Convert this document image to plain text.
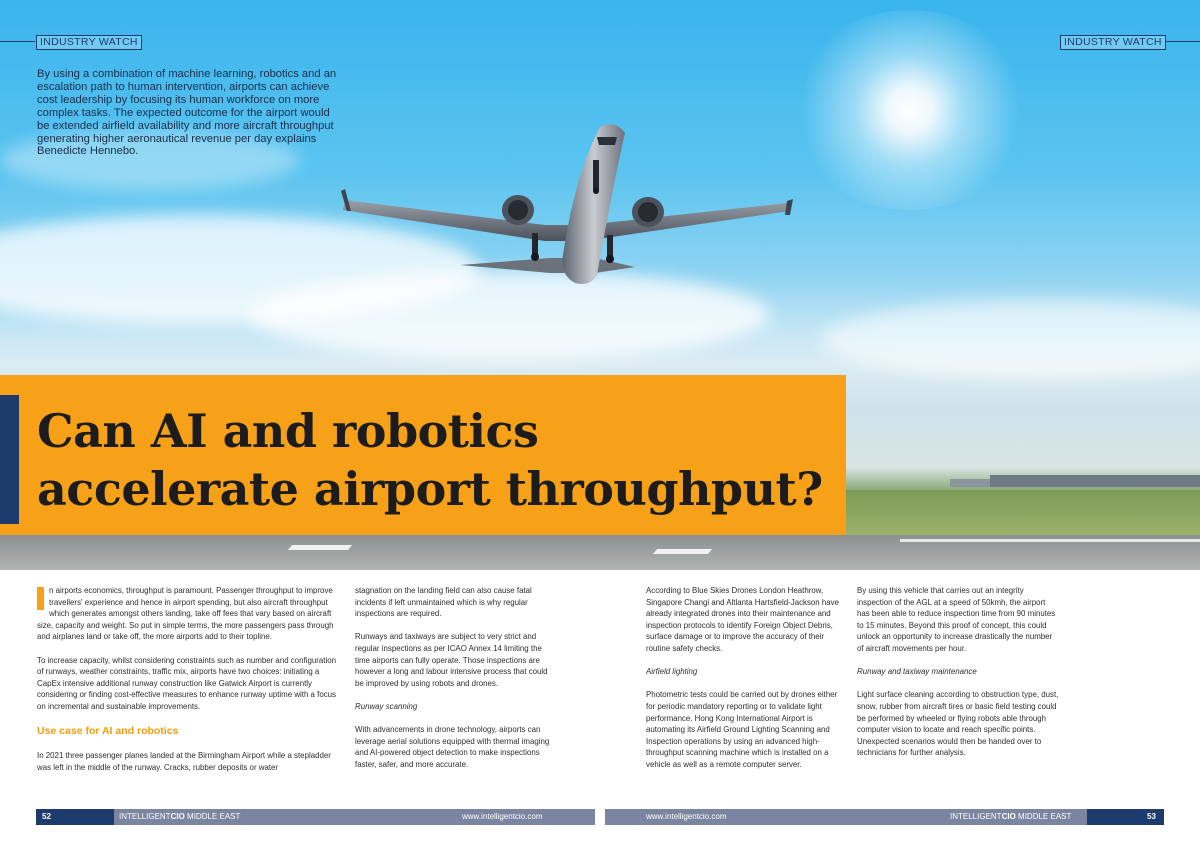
INDUSTRY WATCH	INDUSTRY WATCH

By using a combination of machine learning, robotics and an escalation path to human intervention, airports can achieve cost leadership by focusing its human workforce on more complex tasks. The expected outcome for the airport would be extended airfield availability and more aircraft throughput generating higher aeronautical revenue per day explains Benedicte Hennebo.

Can AI and robotics
accelerate airport throughput?

n airports economics, throughput is paramount. Passenger throughput to improve travellers' experience and hence in airport spending, but also aircraft throughput which generates amongst others landing, take off fees that vary based on aircraft size, capacity and weight. So put in simple terms, the more passengers pass through and airplanes land or take off, the more airports add to their topline.

To increase capacity, whilst considering constraints such as number and configuration of runways, weather constraints, traffic mix, airports have two choices: initiating a CapEx intensive additional runway construction like Gatwick Airport is currently considering or finding cost-effective measures to enhance runway uptime with a focus on incremental and sustainable improvements.

Use case for AI and robotics

In 2021 three passenger planes landed at the Birmingham Airport while a stepladder was left in the middle of the runway. Cracks, rubber deposits or water

stagnation on the landing field can also cause fatal incidents if left unmaintained which is why regular inspections are required.

Runways and taxiways are subject to very strict and regular inspections as per ICAO Annex 14 limiting the time airports can fully operate. Those inspections are however a long and labour intensive process that could be improved by using robots and drones.

Runway scanning

With advancements in drone technology, airports can leverage aerial solutions equipped with thermal imaging and AI-powered object detection to make inspections faster, safer, and more accurate.

According to Blue Skies Drones London Heathrow, Singapore Changi and Altlanta Hartsfield-Jackson have already integrated drones into their maintenance and inspection protocols to identify Foreign Object Debris, surface damage or to improve the accuracy of their routine safety checks.

Airfield lighting

Photometric tests could be carried out by drones either for periodic mandatory reporting or to validate light performance. Hong Kong International Airport is automating its Airfield Ground Lighting Scanning and Inspection operations by using an advanced high-throughput scanning machine which is installed on a vehicle as well as a remote computer server.

By using this vehicle that carries out an integrity inspection of the AGL at a speed of 50kmh, the airport has been able to reduce inspection time from 90 minutes to 15 minutes. Beyond this proof of concept, this could unlock an opportunity to increase drastically the number of aircraft movements per hour.

Runway and taxiway maintenance

Light surface cleaning according to obstruction type, dust, snow, rubber from aircraft tires or basic field testing could be performed by wheeled or flying robots able through computer vision to locate and reach specific points. Unexpected scenarios would then be handed over to technicians for further analysis.

52	INTELLIGENTCIO MIDDLE EAST	www.intelligentcio.com	www.intelligentcio.com	INTELLIGENTCIO MIDDLE EAST	53
